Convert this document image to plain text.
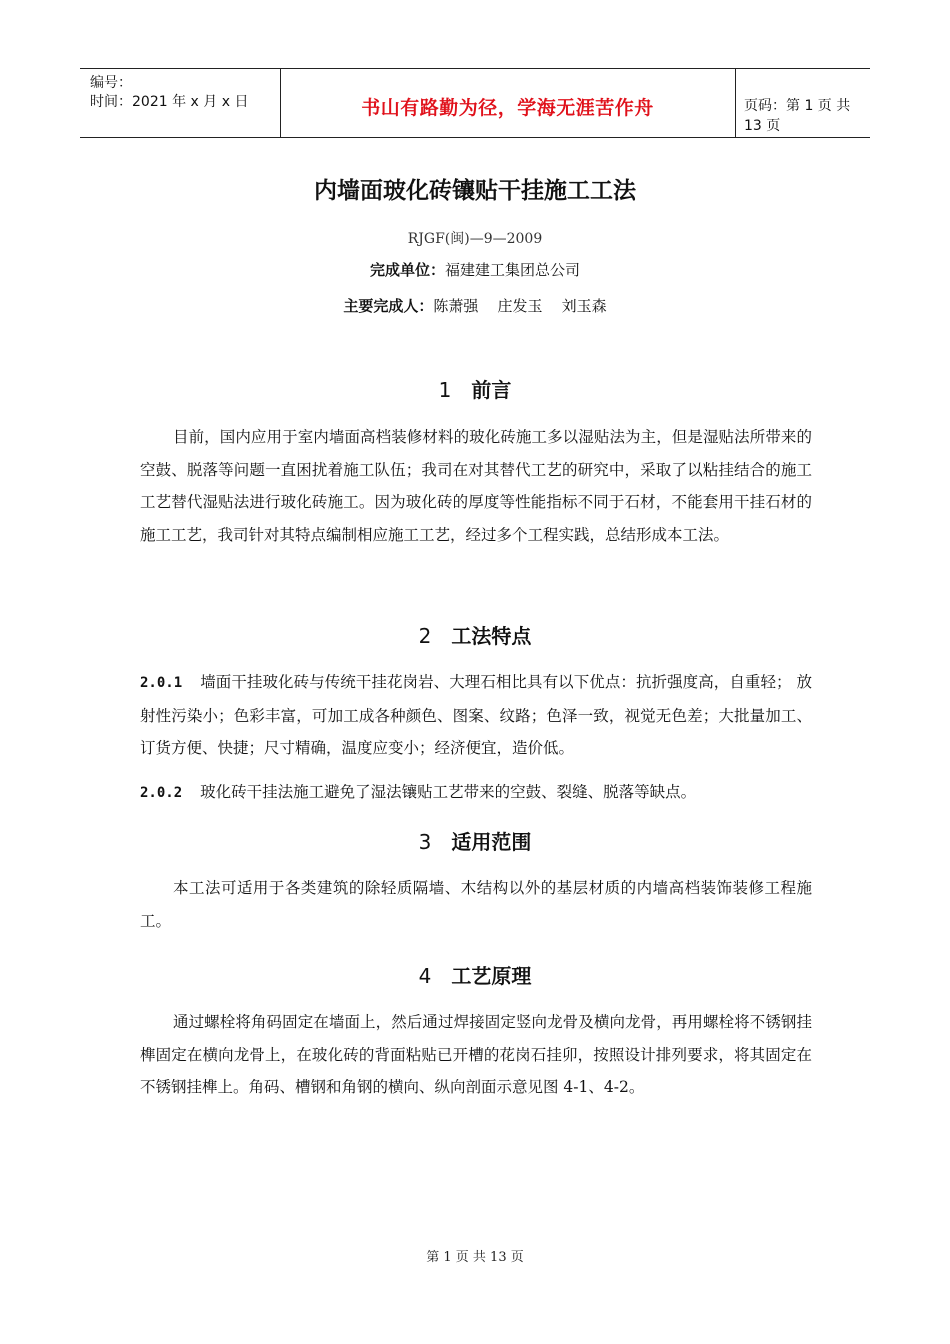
编号：
时间：2021 年 x 月 x 日	书山有路勤为径，学海无涯苦作舟	页码：第 1 页 共 13 页
内墙面玻化砖镶贴干挂施工工法
RJGF(闽)—9—2009
完成单位：福建建工集团总公司
主要完成人：陈萧强    庄发玉    刘玉森
1 前言

目前，国内应用于室内墙面高档装修材料的玻化砖施工多以湿贴法为主，但是湿贴法所带来的空鼓、脱落等问题一直困扰着施工队伍；我司在对其替代工艺的研究中，采取了以粘挂结合的施工工艺替代湿贴法进行玻化砖施工。因为玻化砖的厚度等性能指标不同于石材，不能套用干挂石材的施工工艺，我司针对其特点编制相应施工工艺，经过多个工程实践，总结形成本工法。

2 工法特点

2.0.1 墙面干挂玻化砖与传统干挂花岗岩、大理石相比具有以下优点：抗折强度高，自重轻； 放射性污染小；色彩丰富，可加工成各种颜色、图案、纹路；色泽一致，视觉无色差；大批量加工、订货方便、快捷；尺寸精确，温度应变小；经济便宜，造价低。

2.0.2 玻化砖干挂法施工避免了湿法镶贴工艺带来的空鼓、裂缝、脱落等缺点。

3 适用范围

本工法可适用于各类建筑的除轻质隔墙、木结构以外的基层材质的内墙高档装饰装修工程施工。

4 工艺原理

通过螺栓将角码固定在墙面上，然后通过焊接固定竖向龙骨及横向龙骨，再用螺栓将不锈钢挂榫固定在横向龙骨上，在玻化砖的背面粘贴已开槽的花岗石挂卯，按照设计排列要求，将其固定在不锈钢挂榫上。角码、槽钢和角钢的横向、纵向剖面示意见图 4-1、4-2。

第 1 页 共 13 页
